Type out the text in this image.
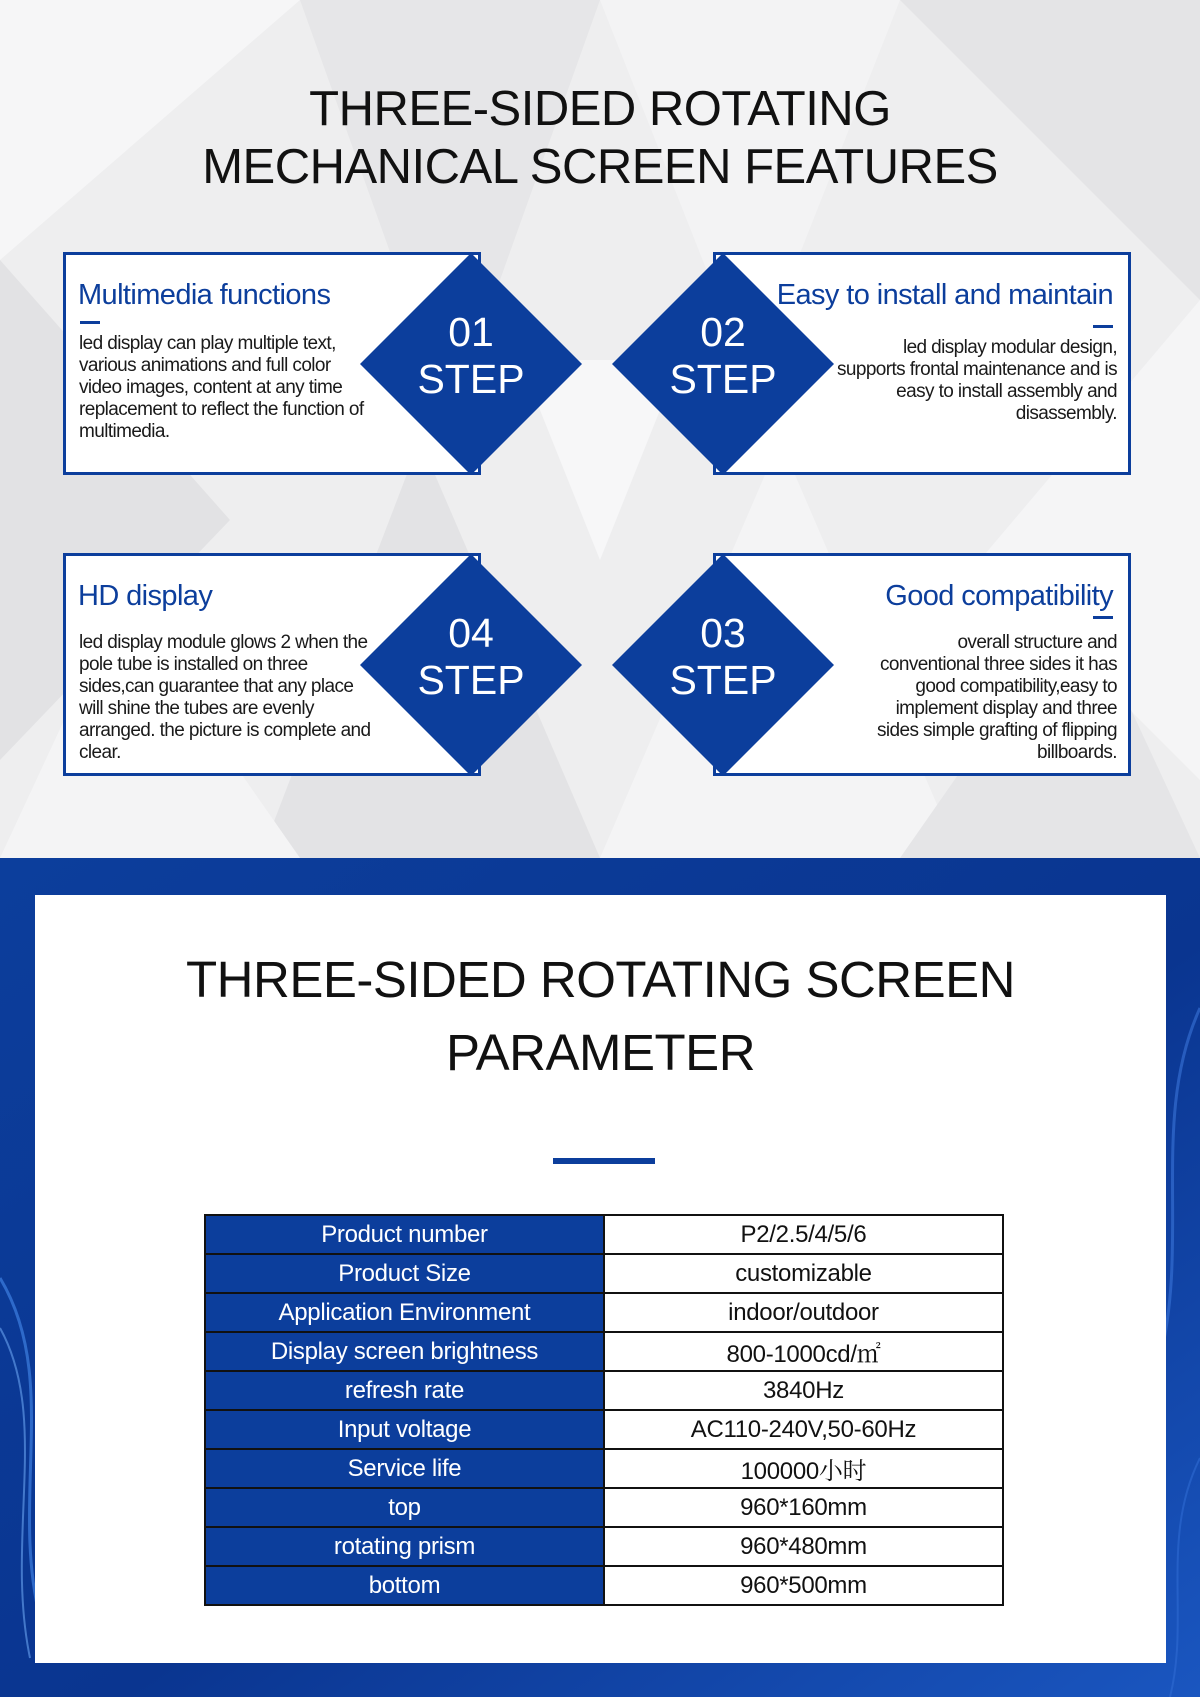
THREE-SIDED ROTATING
MECHANICAL SCREEN FEATURES
Multimedia functions
led display can play multiple text, various animations and full color video images, content at any time replacement to reflect the function of multimedia.
Easy to install and maintain
led display modular design, supports frontal maintenance and is easy to install assembly and disassembly.
HD display
led display module glows 2 when the pole tube is installed on three sides,can guarantee that any place will shine the tubes are evenly arranged. the picture is complete and clear.
Good compatibility
overall structure and conventional three sides it has good compatibility,easy to implement display and three sides simple grafting of flipping billboards.
01
STEP
02
STEP
04
STEP
03
STEP
THREE-SIDED ROTATING SCREEN
PARAMETER
Product number	P2/2.5/4/5/6
Product Size	customizable
Application Environment	indoor/outdoor
Display screen brightness	800-1000cd/㎡
refresh rate	3840Hz
Input voltage	AC110-240V,50-60Hz
Service life	100000小时
top	960*160mm
rotating prism	960*480mm
bottom	960*500mm
